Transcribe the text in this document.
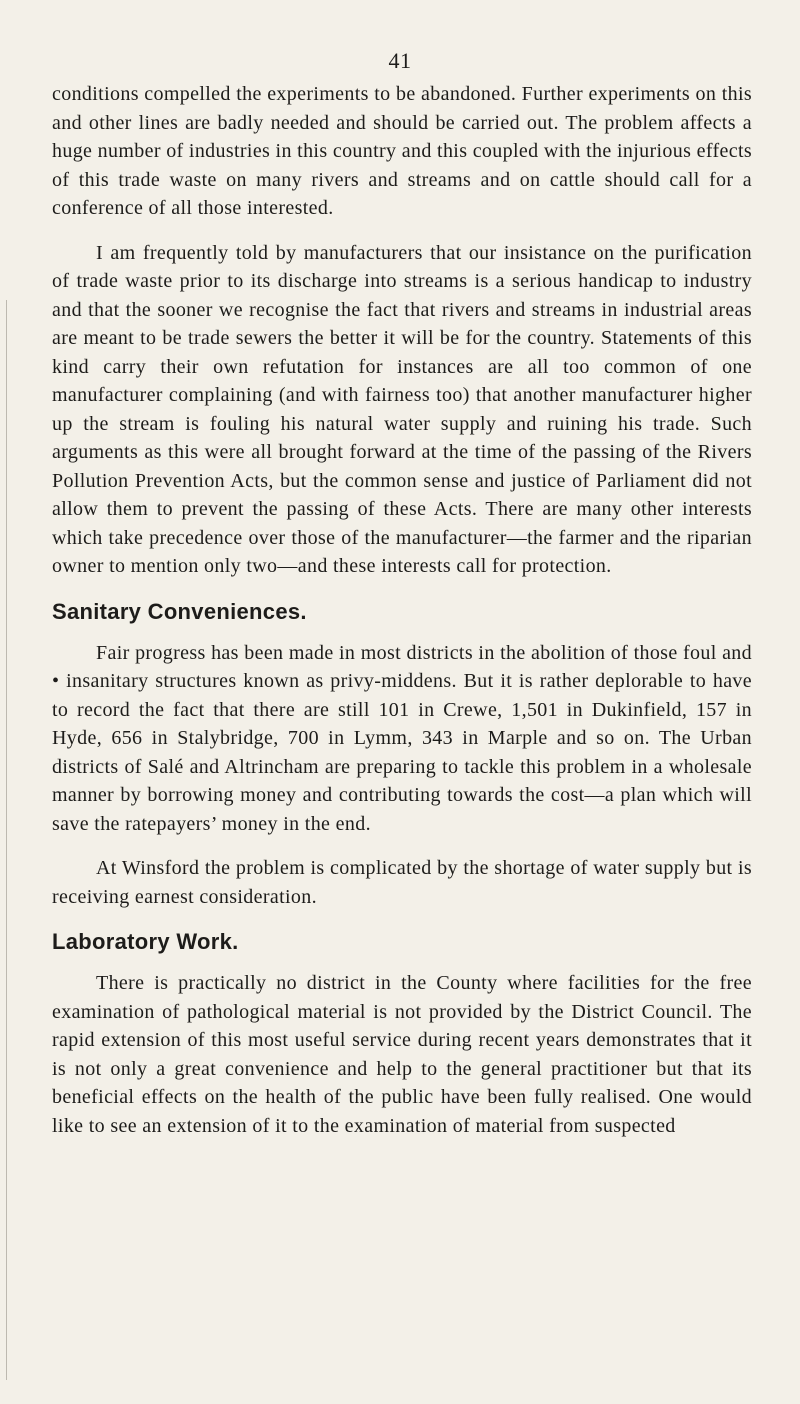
41

conditions compelled the experiments to be abandoned. Further experiments on this and other lines are badly needed and should be carried out. The problem affects a huge number of industries in this country and this coupled with the injurious effects of this trade waste on many rivers and streams and on cattle should call for a conference of all those interested.

I am frequently told by manufacturers that our insistance on the purification of trade waste prior to its discharge into streams is a serious handicap to industry and that the sooner we recognise the fact that rivers and streams in industrial areas are meant to be trade sewers the better it will be for the country. Statements of this kind carry their own refutation for instances are all too common of one manufacturer complaining (and with fairness too) that another manufacturer higher up the stream is fouling his natural water supply and ruining his trade. Such arguments as this were all brought forward at the time of the passing of the Rivers Pollution Prevention Acts, but the common sense and justice of Parliament did not allow them to prevent the passing of these Acts. There are many other interests which take precedence over those of the manufacturer—the farmer and the riparian owner to mention only two—and these interests call for protection.

Sanitary Conveniences.

Fair progress has been made in most districts in the abolition of those foul and • insanitary structures known as privy-middens. But it is rather deplorable to have to record the fact that there are still 101 in Crewe, 1,501 in Dukinfield, 157 in Hyde, 656 in Stalybridge, 700 in Lymm, 343 in Marple and so on. The Urban districts of Salé and Altrincham are preparing to tackle this problem in a wholesale manner by borrowing money and contributing towards the cost—a plan which will save the ratepayers’ money in the end.

At Winsford the problem is complicated by the shortage of water supply but is receiving earnest consideration.

Laboratory Work.

There is practically no district in the County where facilities for the free examination of pathological material is not provided by the District Council. The rapid extension of this most useful service during recent years demonstrates that it is not only a great convenience and help to the general practitioner but that its beneficial effects on the health of the public have been fully realised. One would like to see an extension of it to the examination of material from suspected
